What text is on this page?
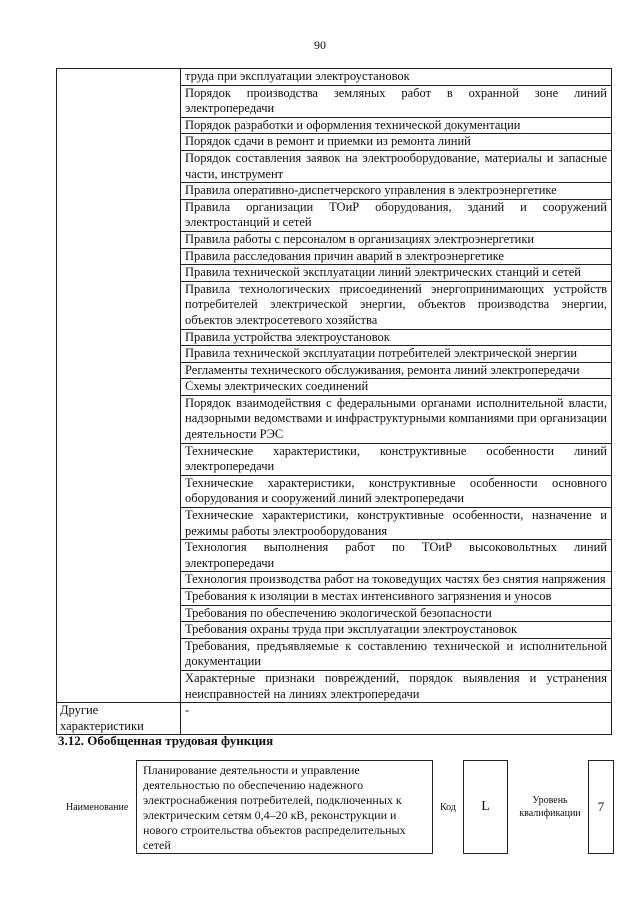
90
	труда при эксплуатации электроустановок
	Порядок производства земляных работ в охранной зоне линий электропередачи
	Порядок разработки и оформления технической документации
	Порядок сдачи в ремонт и приемки из ремонта линий
	Порядок составления заявок на электрооборудование, материалы и запасные части, инструмент
	Правила оперативно-диспетчерского управления в электроэнергетике
	Правила организации ТОиР оборудования, зданий и сооружений электростанций и сетей
	Правила работы с персоналом в организациях электроэнергетики
	Правила расследования причин аварий в электроэнергетике
	Правила технической эксплуатации линий электрических станций и сетей
	Правила технологических присоединений энергопринимающих устройств потребителей электрической энергии, объектов производства энергии, объектов электросетевого хозяйства
	Правила устройства электроустановок
	Правила технической эксплуатации потребителей электрической энергии
	Регламенты технического обслуживания, ремонта линий электропередачи
	Схемы электрических соединений
	Порядок взаимодействия с федеральными органами исполнительной власти, надзорными ведомствами и инфраструктурными компаниями при организации деятельности РЭС
	Технические характеристики, конструктивные особенности линий электропередачи
	Технические характеристики, конструктивные особенности основного оборудования и сооружений линий электропередачи
	Технические характеристики, конструктивные особенности, назначение и режимы работы электрооборудования
	Технология выполнения работ по ТОиР высоковольтных линий электропередачи
	Технология производства работ на токоведущих частях без снятия напряжения
	Требования к изоляции в местах интенсивного загрязнения и уносов
	Требования по обеспечению экологической безопасности
	Требования охраны труда при эксплуатации электроустановок
	Требования, предъявляемые к составлению технической и исполнительной документации
	Характерные признаки повреждений, порядок выявления и устранения неисправностей на линиях электропередачи
Другие характеристики	-
3.12. Обобщенная трудовая функция
Наименование
Планирование деятельности и управление деятельностью по обеспечению надежного электроснабжения потребителей, подключенных к электрическим сетям 0,4–20 кВ, реконструкции и нового строительства объектов распределительных сетей
Код	L	Уровень квалификации	7
